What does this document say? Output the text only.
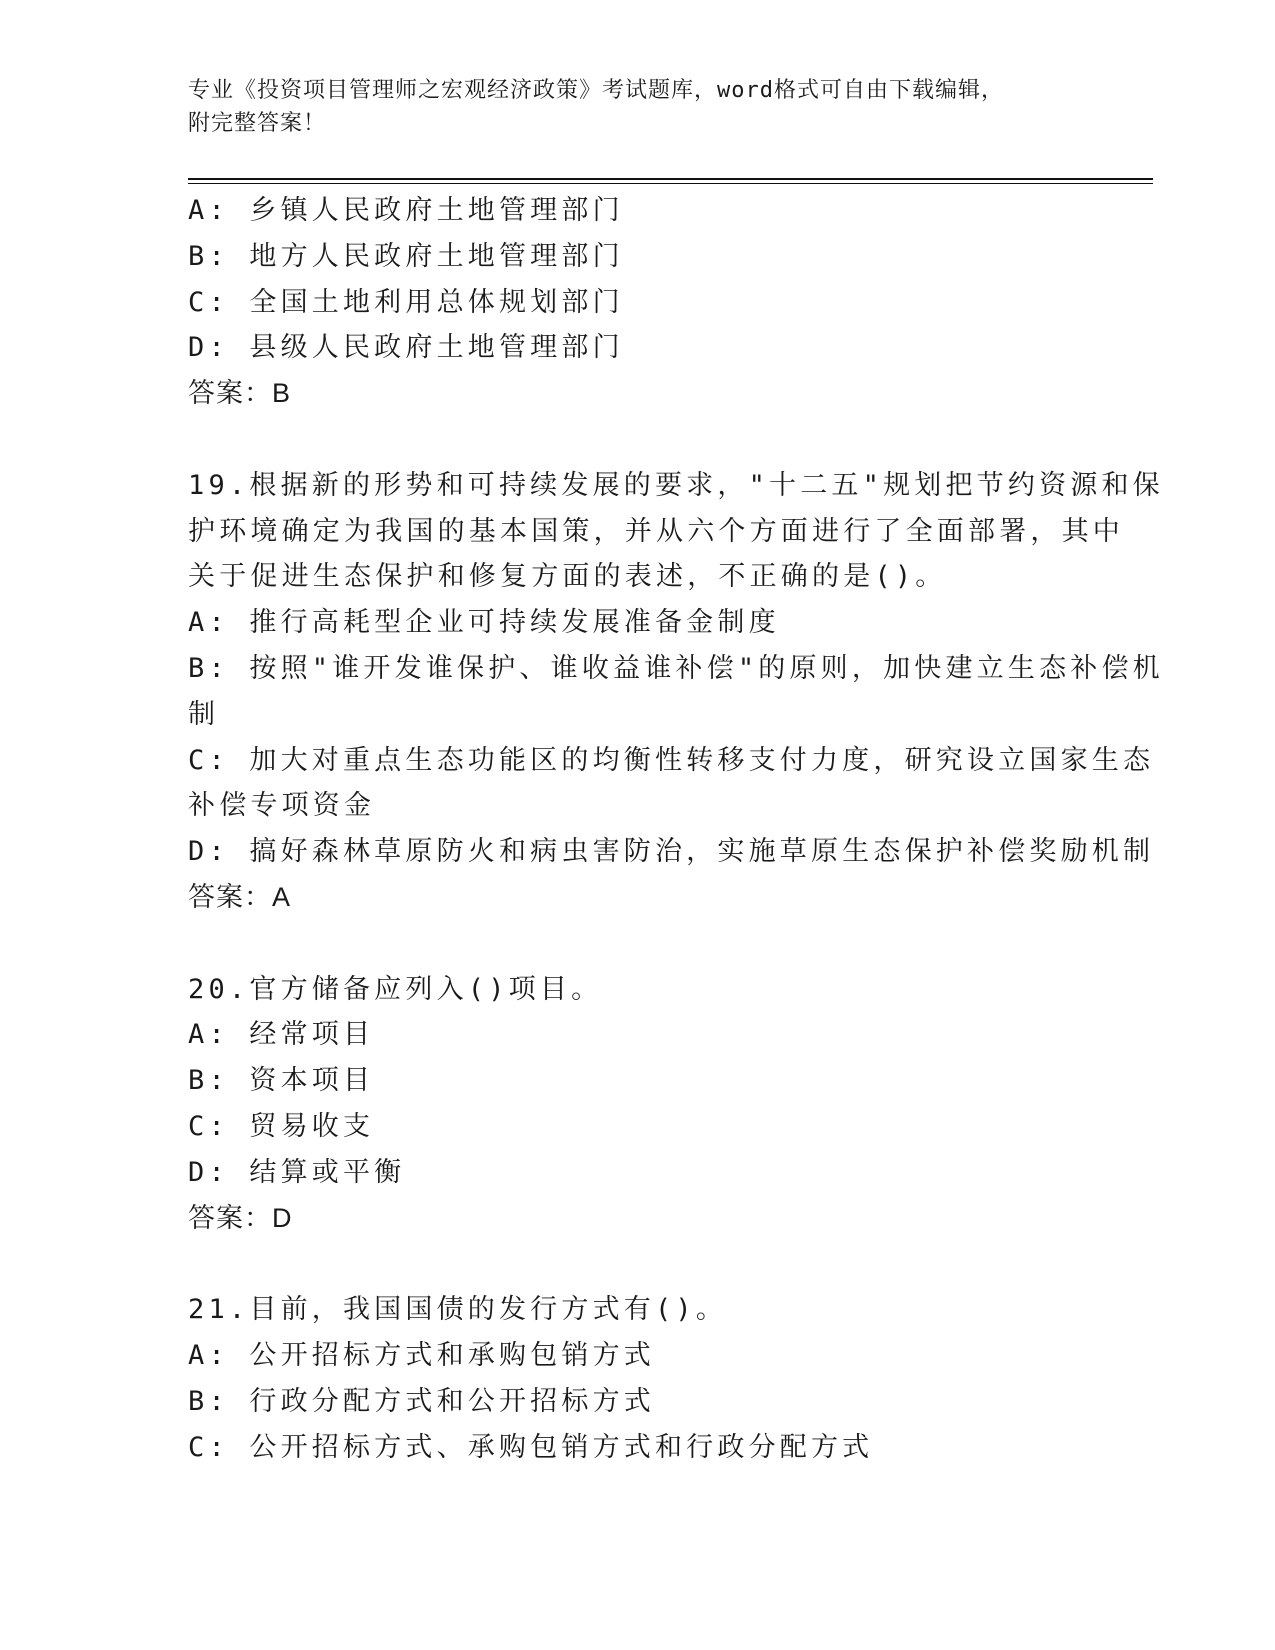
专业《投资项目管理师之宏观经济政策》考试题库，word格式可自由下载编辑，
附完整答案！
A: 乡镇人民政府土地管理部门
B: 地方人民政府土地管理部门
C: 全国土地利用总体规划部门
D: 县级人民政府土地管理部门
答案：B
19.根据新的形势和可持续发展的要求，"十二五"规划把节约资源和保
护环境确定为我国的基本国策，并从六个方面进行了全面部署，其中
关于促进生态保护和修复方面的表述，不正确的是()。
A: 推行高耗型企业可持续发展准备金制度
B: 按照"谁开发谁保护、谁收益谁补偿"的原则，加快建立生态补偿机
制
C: 加大对重点生态功能区的均衡性转移支付力度，研究设立国家生态
补偿专项资金
D: 搞好森林草原防火和病虫害防治，实施草原生态保护补偿奖励机制
答案：A
20.官方储备应列入()项目。
A: 经常项目
B: 资本项目
C: 贸易收支
D: 结算或平衡
答案：D
21.目前，我国国债的发行方式有()。
A: 公开招标方式和承购包销方式
B: 行政分配方式和公开招标方式
C: 公开招标方式、承购包销方式和行政分配方式
